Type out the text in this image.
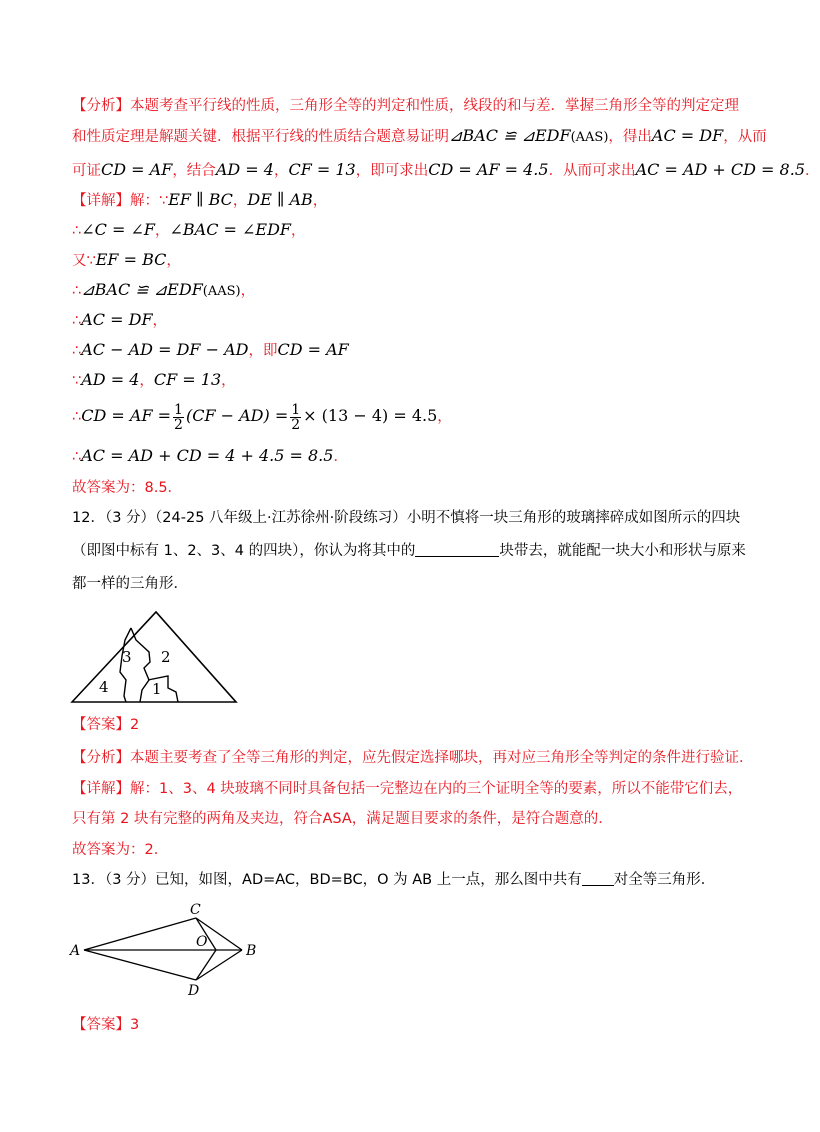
【分析】本题考查平行线的性质，三角形全等的判定和性质，线段的和与差．掌握三角形全等的判定定理
和性质定理是解题关键．根据平行线的性质结合题意易证明⊿BAC ≌ ⊿EDF(AAS)，得出AC = DF，从而
可证CD = AF，结合AD = 4，CF = 13，即可求出CD = AF = 4.5．从而可求出AC = AD + CD = 8.5．
【详解】解：∵EF ∥ BC，DE ∥ AB，
∴∠C = ∠F，∠BAC = ∠EDF，
又∵EF = BC，
∴⊿BAC ≌ ⊿EDF(AAS)，
∴AC = DF，
∴AC − AD = DF − AD，即CD = AF
∵AD = 4，CF = 13，
∴CD = AF = $\frac{1}{2} (CF - AD) = \frac{1}{2} \times (13 - 4) = 4.5$，
∴AC = AD + CD = 4 + 4.5 = 8.5．
故答案为：8.5．
12．（3 分）（24-25 八年级上·江苏徐州·阶段练习）小明不慎将一块三角形的玻璃摔碎成如图所示的四块
（即图中标有 1、2、3、4 的四块），你认为将其中的	块带去，就能配一块大小和形状与原来
都一样的三角形．
1
2
3
4
【答案】2
【分析】本题主要考查了全等三角形的判定，应先假定选择哪块，再对应三角形全等判定的条件进行验证．
【详解】解：1、3、4 块玻璃不同时具备包括一完整边在内的三个证明全等的要素，所以不能带它们去，
只有第 2 块有完整的两角及夹边，符合ASA，满足题目要求的条件，是符合题意的．
故答案为：2．
13．（3 分）已知，如图，AD=AC，BD=BC，O 为 AB 上一点，那么图中共有 对全等三角形．
A
C
O
B
D
【答案】3
